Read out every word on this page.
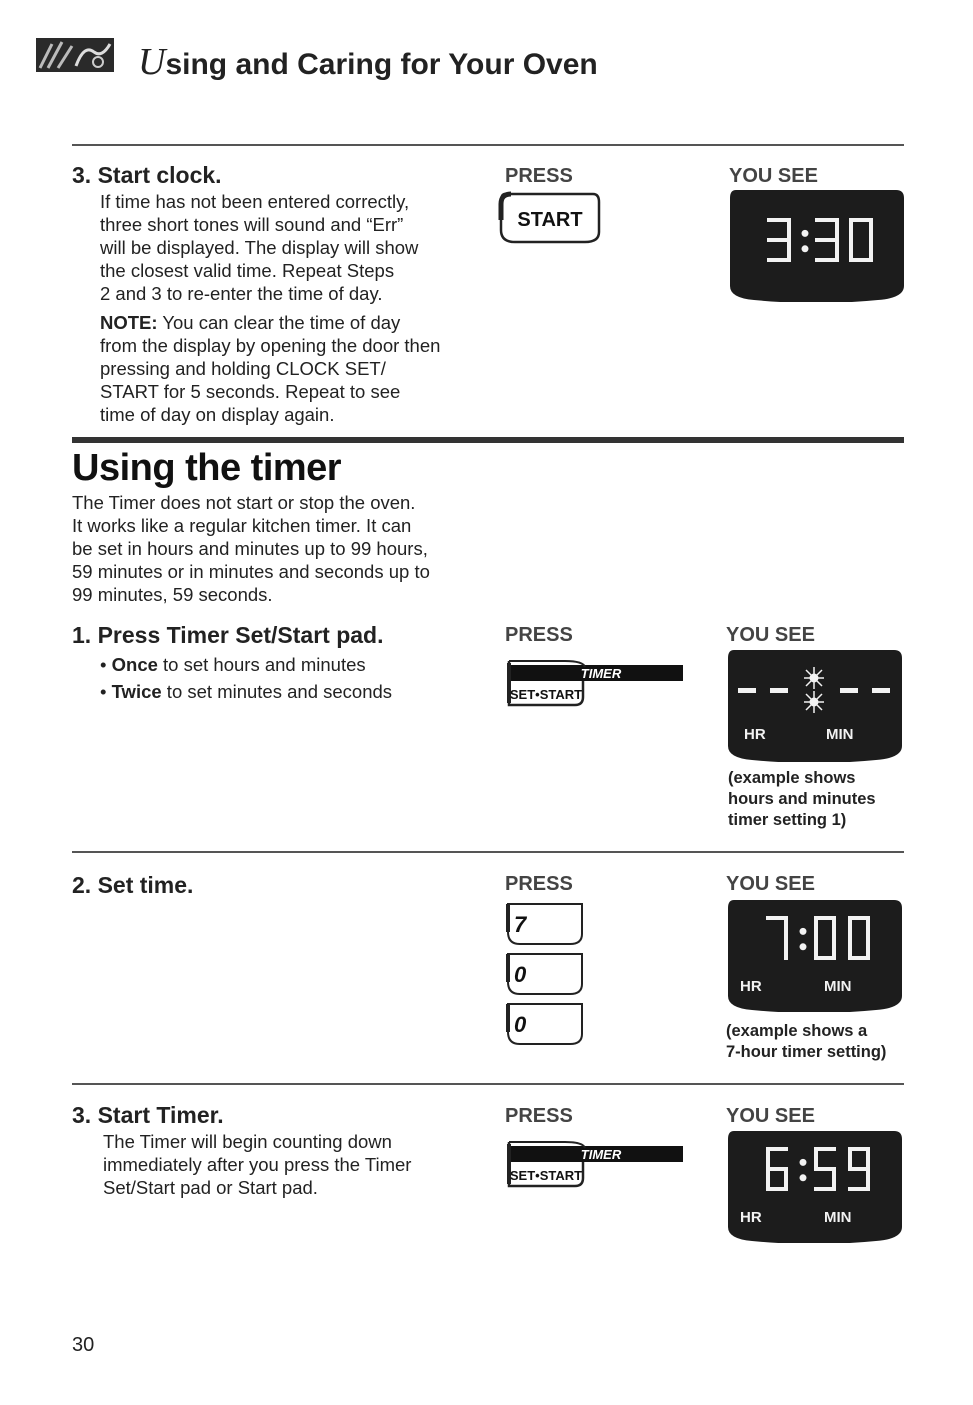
Using and Caring for Your Oven
3. Start clock.	PRESS	YOU SEE

If time has not been entered correctly,

three short tones will sound and “Err”

will be displayed. The display will show

the closest valid time. Repeat Steps

2 and 3 to re-enter the time of day.

NOTE: You can clear the time of day

from the display by opening the door then

pressing and holding CLOCK SET/

START for 5 seconds. Repeat to see

time of day on display again.

START
Using the timer

The Timer does not start or stop the oven.

It works like a regular kitchen timer. It can

be set in hours and minutes up to 99 hours,

59 minutes or in minutes and seconds up to

99 minutes, 59 seconds.

1. Press Timer Set/Start pad.	PRESS	YOU SEE
• Once to set hours and minutes
• Twice to set minutes and seconds
TIMER
SET•START
HR	MIN
(example shows
hours and minutes
timer setting 1)
2. Set time.	PRESS	YOU SEE
7
0
0
HR	MIN
(example shows a
7-hour timer setting)
3. Start Timer.	PRESS	YOU SEE

The Timer will begin counting down

immediately after you press the Timer

Set/Start pad or Start pad.

TIMER
SET•START
HR	MIN
30
